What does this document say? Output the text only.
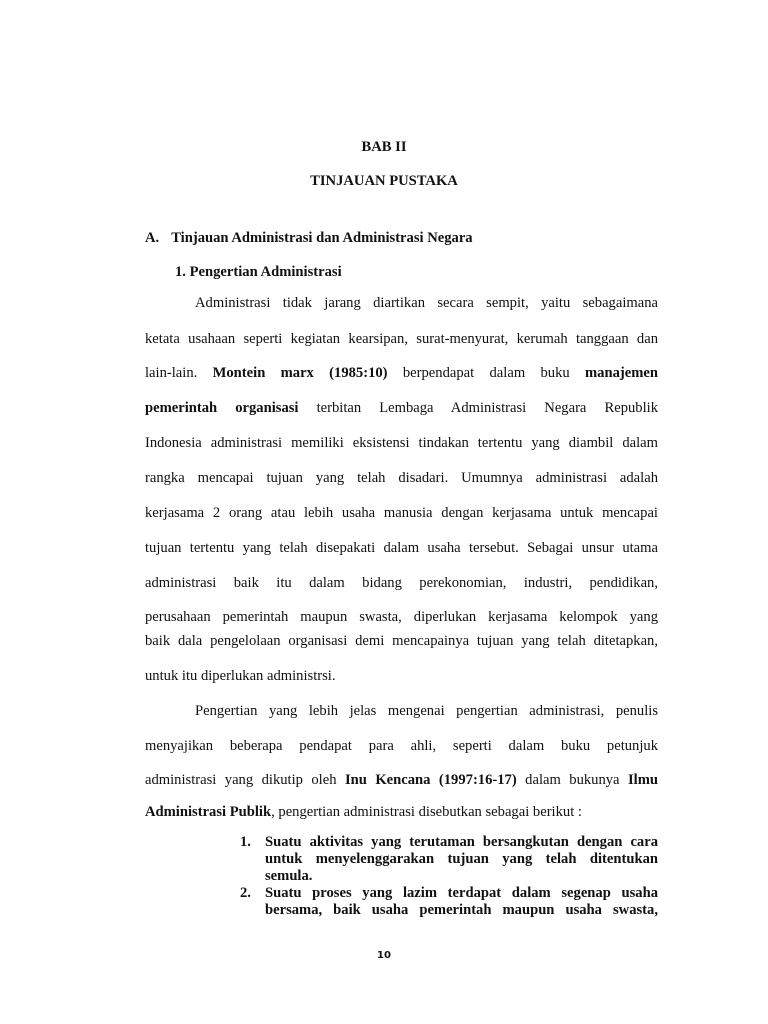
BAB II
TINJAUAN PUSTAKA
A. Tinjauan Administrasi dan Administrasi Negara
1. Pengertian Administrasi
Administrasi tidak jarang diartikan secara sempit, yaitu sebagaimana
ketata usahaan seperti kegiatan kearsipan, surat-menyurat, kerumah tanggaan dan
lain-lain. Montein marx (1985:10) berpendapat dalam buku manajemen
pemerintah organisasi terbitan Lembaga Administrasi Negara Republik
Indonesia administrasi memiliki eksistensi tindakan tertentu yang diambil dalam
rangka mencapai tujuan yang telah disadari. Umumnya administrasi adalah
kerjasama 2 orang atau lebih usaha manusia dengan kerjasama untuk mencapai
tujuan tertentu yang telah disepakati dalam usaha tersebut. Sebagai unsur utama
administrasi baik itu dalam bidang perekonomian, industri, pendidikan,
perusahaan pemerintah maupun swasta, diperlukan kerjasama kelompok yang
baik dala pengelolaan organisasi demi mencapainya tujuan yang telah ditetapkan,
untuk itu diperlukan administrsi.
Pengertian yang lebih jelas mengenai pengertian administrasi, penulis
menyajikan beberapa pendapat para ahli, seperti dalam buku petunjuk
administrasi yang dikutip oleh Inu Kencana (1997:16-17) dalam bukunya Ilmu
Administrasi Publik, pengertian administrasi disebutkan sebagai berikut :
1. Suatu aktivitas yang terutaman bersangkutan dengan cara untuk menyelenggarakan tujuan yang telah ditentukan semula.
2. Suatu proses yang lazim terdapat dalam segenap usaha bersama, baik usaha pemerintah maupun usaha swasta,
10
